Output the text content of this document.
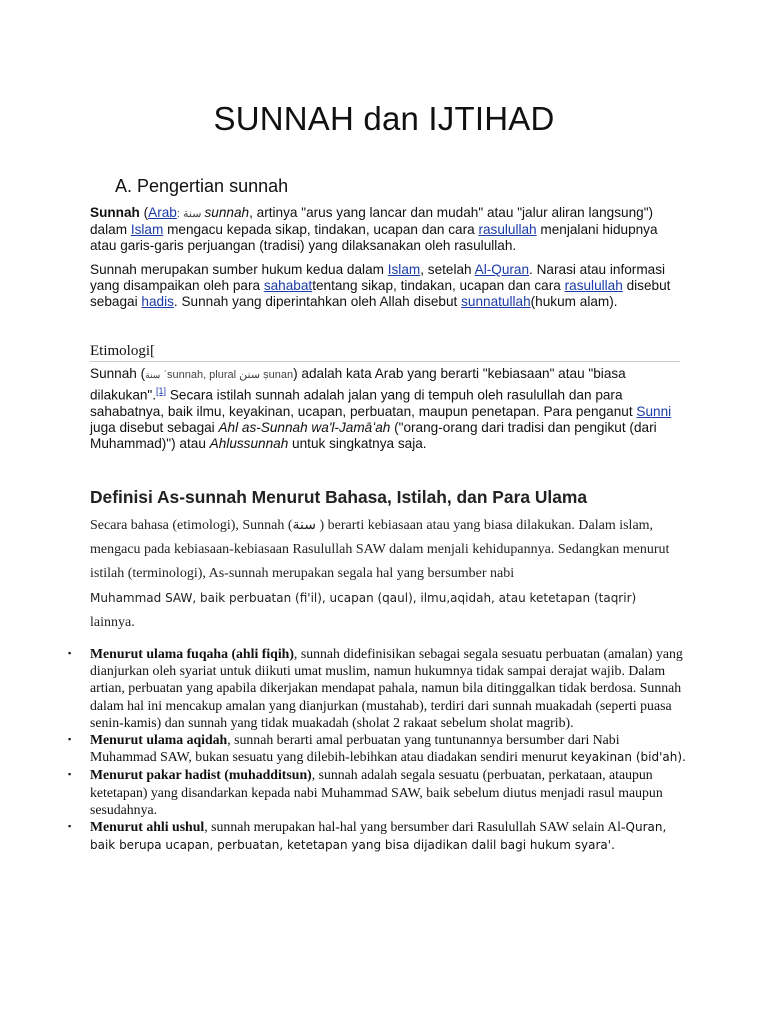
SUNNAH dan IJTIHAD
A. Pengertian sunnah

Sunnah (Arab: سنة sunnah, artinya "arus yang lancar dan mudah" atau "jalur aliran langsung") dalam Islam mengacu kepada sikap, tindakan, ucapan dan cara rasulullah menjalani hidupnya atau garis-garis perjuangan (tradisi) yang dilaksanakan oleh rasulullah.

Sunnah merupakan sumber hukum kedua dalam Islam, setelah Al-Quran. Narasi atau informasi yang disampaikan oleh para sahabattentang sikap, tindakan, ucapan dan cara rasulullah disebut sebagai hadis. Sunnah yang diperintahkan oleh Allah disebut sunnatullah(hukum alam).

Etimologi[

Sunnah (سنة ʾsunnah, plural سنن ṣunan) adalah kata Arab yang berarti "kebiasaan" atau "biasa dilakukan".[1] Secara istilah sunnah adalah jalan yang di tempuh oleh rasulullah dan para sahabatnya, baik ilmu, keyakinan, ucapan, perbuatan, maupun penetapan. Para penganut Sunni juga disebut sebagai Ahl as-Sunnah wa'l-Jamāʻah ("orang-orang dari tradisi dan pengikut (dari Muhammad)") atau Ahlussunnah untuk singkatnya saja.

Definisi As-sunnah Menurut Bahasa, Istilah, dan Para Ulama
Secara bahasa (etimologi), Sunnah (سنة ) berarti kebiasaan atau yang biasa dilakukan. Dalam islam, mengacu pada kebiasaan-kebiasaan Rasulullah SAW dalam menjali kehidupannya. Sedangkan menurut istilah (terminologi), As-sunnah merupakan segala hal yang bersumber nabi
Muhammad SAW, baik perbuatan (fi'il), ucapan (qaul), ilmu,aqidah, atau ketetapan (taqrir)
lainnya.
▪ Menurut ulama fuqaha (ahli fiqih), sunnah didefinisikan sebagai segala sesuatu perbuatan (amalan) yang dianjurkan oleh syariat untuk diikuti umat muslim, namun hukumnya tidak sampai derajat wajib. Dalam artian, perbuatan yang apabila dikerjakan mendapat pahala, namun bila ditinggalkan tidak berdosa. Sunnah dalam hal ini mencakup amalan yang dianjurkan (mustahab), terdiri dari sunnah muakadah (seperti puasa senin-kamis) dan sunnah yang tidak muakadah (sholat 2 rakaat sebelum sholat magrib).
▪ Menurut ulama aqidah, sunnah berarti amal perbuatan yang tuntunannya bersumber dari Nabi Muhammad SAW, bukan sesuatu yang dilebih-lebihkan atau diadakan sendiri menurut keyakinan (bid'ah).
▪ Menurut pakar hadist (muhadditsun), sunnah adalah segala sesuatu (perbuatan, perkataan, ataupun ketetapan) yang disandarkan kepada nabi Muhammad SAW, baik sebelum diutus menjadi rasul maupun sesudahnya.
▪ Menurut ahli ushul, sunnah merupakan hal-hal yang bersumber dari Rasulullah SAW selain Al-Quran, baik berupa ucapan, perbuatan, ketetapan yang bisa dijadikan dalil bagi hukum syara'.
